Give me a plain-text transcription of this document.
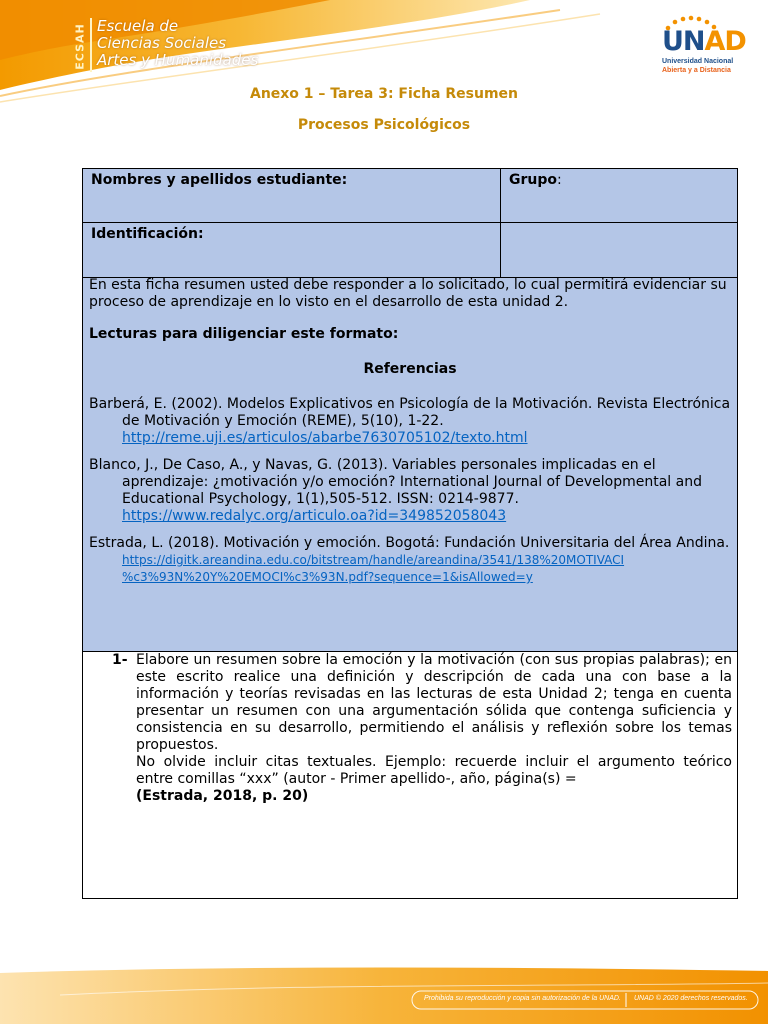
ECSAH Escuela de
Ciencias Sociales
Artes y Humanidades
UNAD
Universidad Nacional
Abierta y a Distancia
Anexo 1 – Tarea 3: Ficha Resumen
Procesos Psicológicos
Nombres y apellidos estudiante:	Grupo:
Identificación:

En esta ficha resumen usted debe responder a lo solicitado, lo cual permitirá evidenciar su proceso de aprendizaje en lo visto en el desarrollo de esta unidad 2.

Lecturas para diligenciar este formato:

Referencias

Barberá, E. (2002). Modelos Explicativos en Psicología de la Motivación. Revista Electrónica de Motivación y Emoción (REME), 5(10), 1-22.
http://reme.uji.es/articulos/abarbe7630705102/texto.html

Blanco, J., De Caso, A., y Navas, G. (2013). Variables personales implicadas en el aprendizaje: ¿motivación y/o emoción? International Journal of Developmental and Educational Psychology, 1(1),505-512. ISSN: 0214-9877. https://www.redalyc.org/articulo.oa?id=349852058043

Estrada, L. (2018). Motivación y emoción. Bogotá: Fundación Universitaria del Área Andina.
https://digitk.areandina.edu.co/bitstream/handle/areandina/3541/138%20MOTIVACI
%c3%93N%20Y%20EMOCI%c3%93N.pdf?sequence=1&isAllowed=y

1- Elabore un resumen sobre la emoción y la motivación (con sus propias palabras); en este escrito realice una definición y descripción de cada una con base a la información y teorías revisadas en las lecturas de esta Unidad 2; tenga en cuenta presentar un resumen con una argumentación sólida que contenga suficiencia y consistencia en su desarrollo, permitiendo el análisis y reflexión sobre los temas propuestos.
No olvide incluir citas textuales. Ejemplo: recuerde incluir el argumento teórico entre comillas “xxx” (autor - Primer apellido-, año, página(s) =
(Estrada, 2018, p. 20)
Prohibida su reproducción y copia sin autorización de la UNAD. UNAD © 2020 derechos reservados.
